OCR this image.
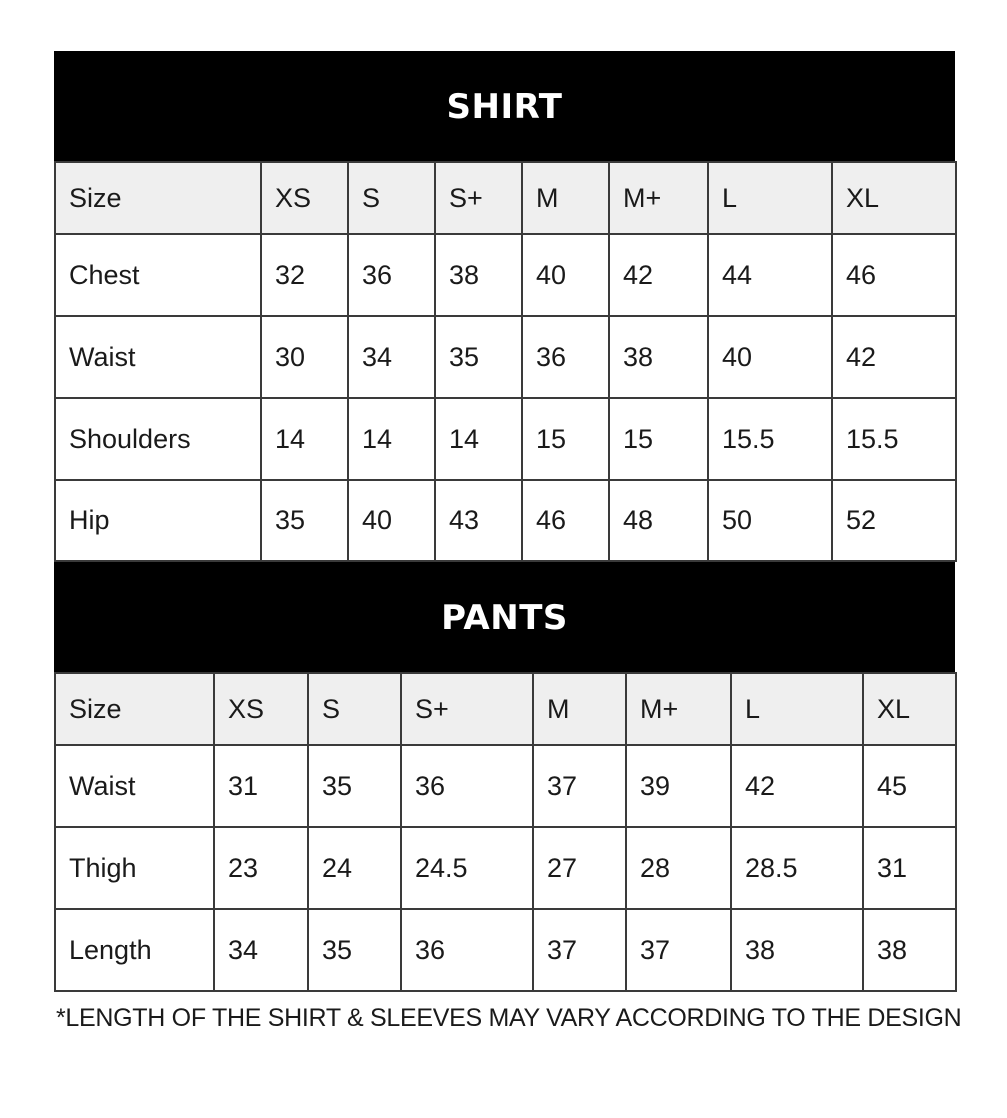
SHIRT
Size	XS	S	S+	M	M+	L	XL
Chest	32	36	38	40	42	44	46
Waist	30	34	35	36	38	40	42
Shoulders	14	14	14	15	15	15.5	15.5
Hip	35	40	43	46	48	50	52
PANTS
Size	XS	S	S+	M	M+	L	XL
Waist	31	35	36	37	39	42	45
Thigh	23	24	24.5	27	28	28.5	31
Length	34	35	36	37	37	38	38
*LENGTH OF THE SHIRT & SLEEVES MAY VARY ACCORDING TO THE DESIGN
